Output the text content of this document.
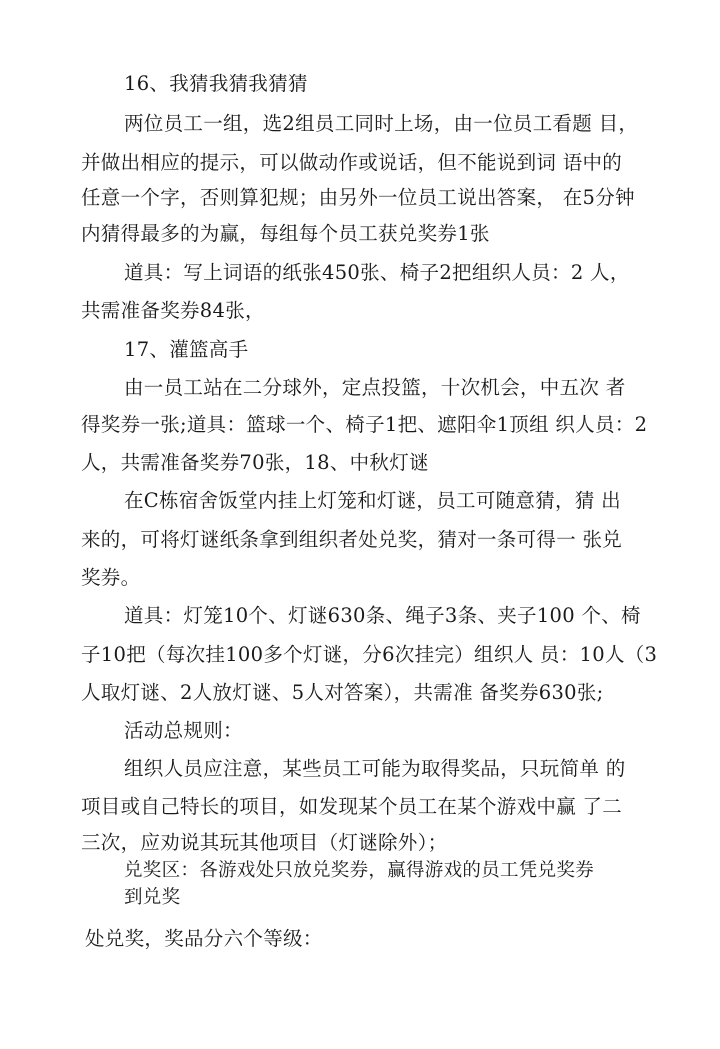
16、我猜我猜我猜猜
两位员工一组，选2组员工同时上场，由一位员工看题 目，
并做出相应的提示，可以做动作或说话，但不能说到词 语中的
任意一个字，否则算犯规；由另外一位员工说出答案， 在5分钟
内猜得最多的为赢，每组每个员工获兑奖券1张
道具：写上词语的纸张450张、椅子2把组织人员：2 人，
共需准备奖券84张，
17、灌篮高手
由一员工站在二分球外，定点投篮，十次机会，中五次 者
得奖券一张;道具：篮球一个、椅子1把、遮阳伞1顶组 织人员：2
人，共需准备奖券70张，18、中秋灯谜
在C栋宿舍饭堂内挂上灯笼和灯谜，员工可随意猜，猜 出
来的，可将灯谜纸条拿到组织者处兑奖，猜对一条可得一 张兑
奖券。
道具：灯笼10个、灯谜630条、绳子3条、夹子100 个、椅
子10把（每次挂100多个灯谜，分6次挂完）组织人 员：10人（3
人取灯谜、2人放灯谜、5人对答案），共需准 备奖券630张;
活动总规则：
组织人员应注意，某些员工可能为取得奖品，只玩简单 的
项目或自己特长的项目，如发现某个员工在某个游戏中赢 了二
三次，应劝说其玩其他项目（灯谜除外）；
兑奖区：各游戏处只放兑奖券，赢得游戏的员工凭兑奖券
到兑奖
处兑奖，奖品分六个等级：
